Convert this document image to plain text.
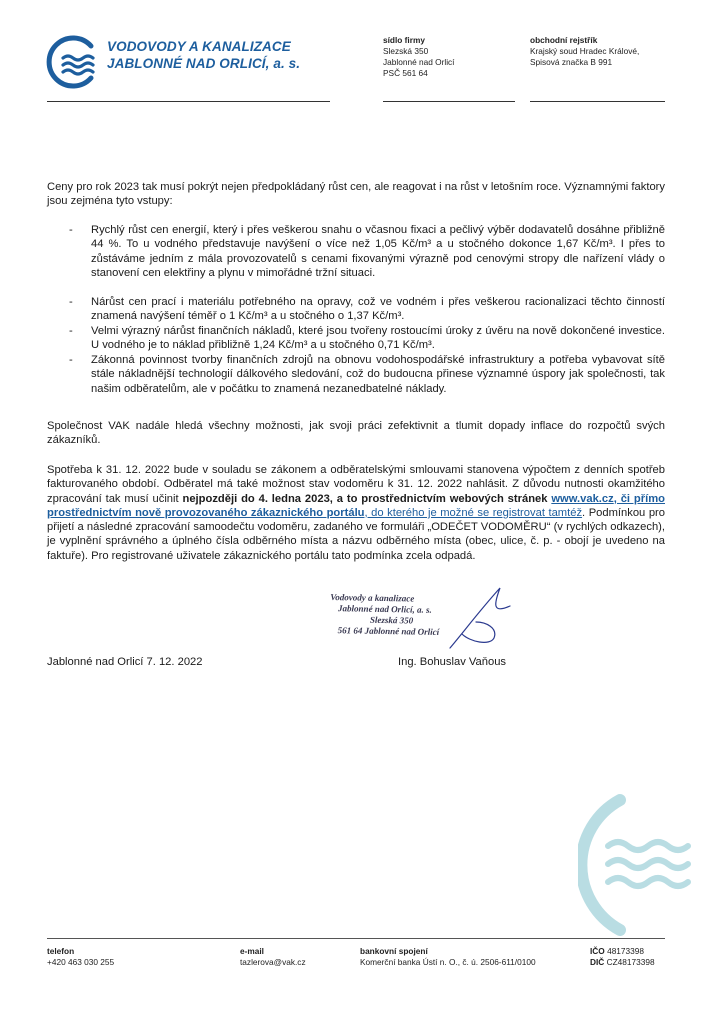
VODOVODY A KANALIZACE
JABLONNÉ NAD ORLICÍ, a. s.
sídlo firmy
Slezská 350
Jablonné nad Orlicí
PSČ 561 64
obchodní rejstřík
Krajský soud Hradec Králové,
Spisová značka B 991
Ceny pro rok 2023 tak musí pokrýt nejen předpokládaný růst cen, ale reagovat i na růst v letošním roce. Významnými faktory jsou zejména tyto vstupy:
- Rychlý růst cen energií, který i přes veškerou snahu o včasnou fixaci a pečlivý výběr dodavatelů dosáhne přibližně 44 %. To u vodného představuje navýšení o více než 1,05 Kč/m³ a u stočného dokonce 1,67 Kč/m³. I přes to zůstáváme jedním z mála provozovatelů s cenami fixovanými výrazně pod cenovými stropy dle nařízení vlády o stanovení cen elektřiny a plynu v mimořádné tržní situaci.
- Nárůst cen prací i materiálu potřebného na opravy, což ve vodném i přes veškerou racionalizaci těchto činností znamená navýšení téměř o 1 Kč/m³ a u stočného o 1,37 Kč/m³.
- Velmi výrazný nárůst finančních nákladů, které jsou tvořeny rostoucími úroky z úvěru na nově dokončené investice. U vodného je to náklad přibližně 1,24 Kč/m³ a u stočného 0,71 Kč/m³.
- Zákonná povinnost tvorby finančních zdrojů na obnovu vodohospodářské infrastruktury a potřeba vybavovat sítě stále nákladnější technologií dálkového sledování, což do budoucna přinese významné úspory jak společnosti, tak našim odběratelům, ale v počátku to znamená nezanedbatelné náklady.
Společnost VAK nadále hledá všechny možnosti, jak svoji práci zefektivnit a tlumit dopady inflace do rozpočtů svých zákazníků.
Spotřeba k 31. 12. 2022 bude v souladu se zákonem a odběratelskými smlouvami stanovena výpočtem z denních spotřeb fakturovaného období. Odběratel má také možnost stav vodoměru k 31. 12. 2022 nahlásit. Z důvodu nutnosti okamžitého zpracování tak musí učinit nejpozději do 4. ledna 2023, a to prostřednictvím webových stránek www.vak.cz, či přímo prostřednictvím nově provozovaného zákaznického portálu, do kterého je možné se registrovat tamtéž. Podmínkou pro přijetí a následné zpracování samoodečtu vodoměru, zadaného ve formuláři „ODEČET VODOMĚRU“ (v rychlých odkazech), je vyplnění správného a úplného čísla odběrného místa a názvu odběrného místa (obec, ulice, č. p. - obojí je uvedeno na faktuře). Pro registrované uživatele zákaznického portálu tato podmínka zcela odpadá.
Vodovody a kanalizace
Jablonné nad Orlicí, a. s.
Slezská 350
561 64 Jablonné nad Orlicí
Jablonné nad Orlicí 7. 12. 2022	Ing. Bohuslav Vaňous
telefon
+420 463 030 255
e-mail
tazlerova@vak.cz
bankovní spojení
Komerční banka Ústí n. O., č. ú. 2506-611/0100
IČO 48173398
DIČ CZ48173398
